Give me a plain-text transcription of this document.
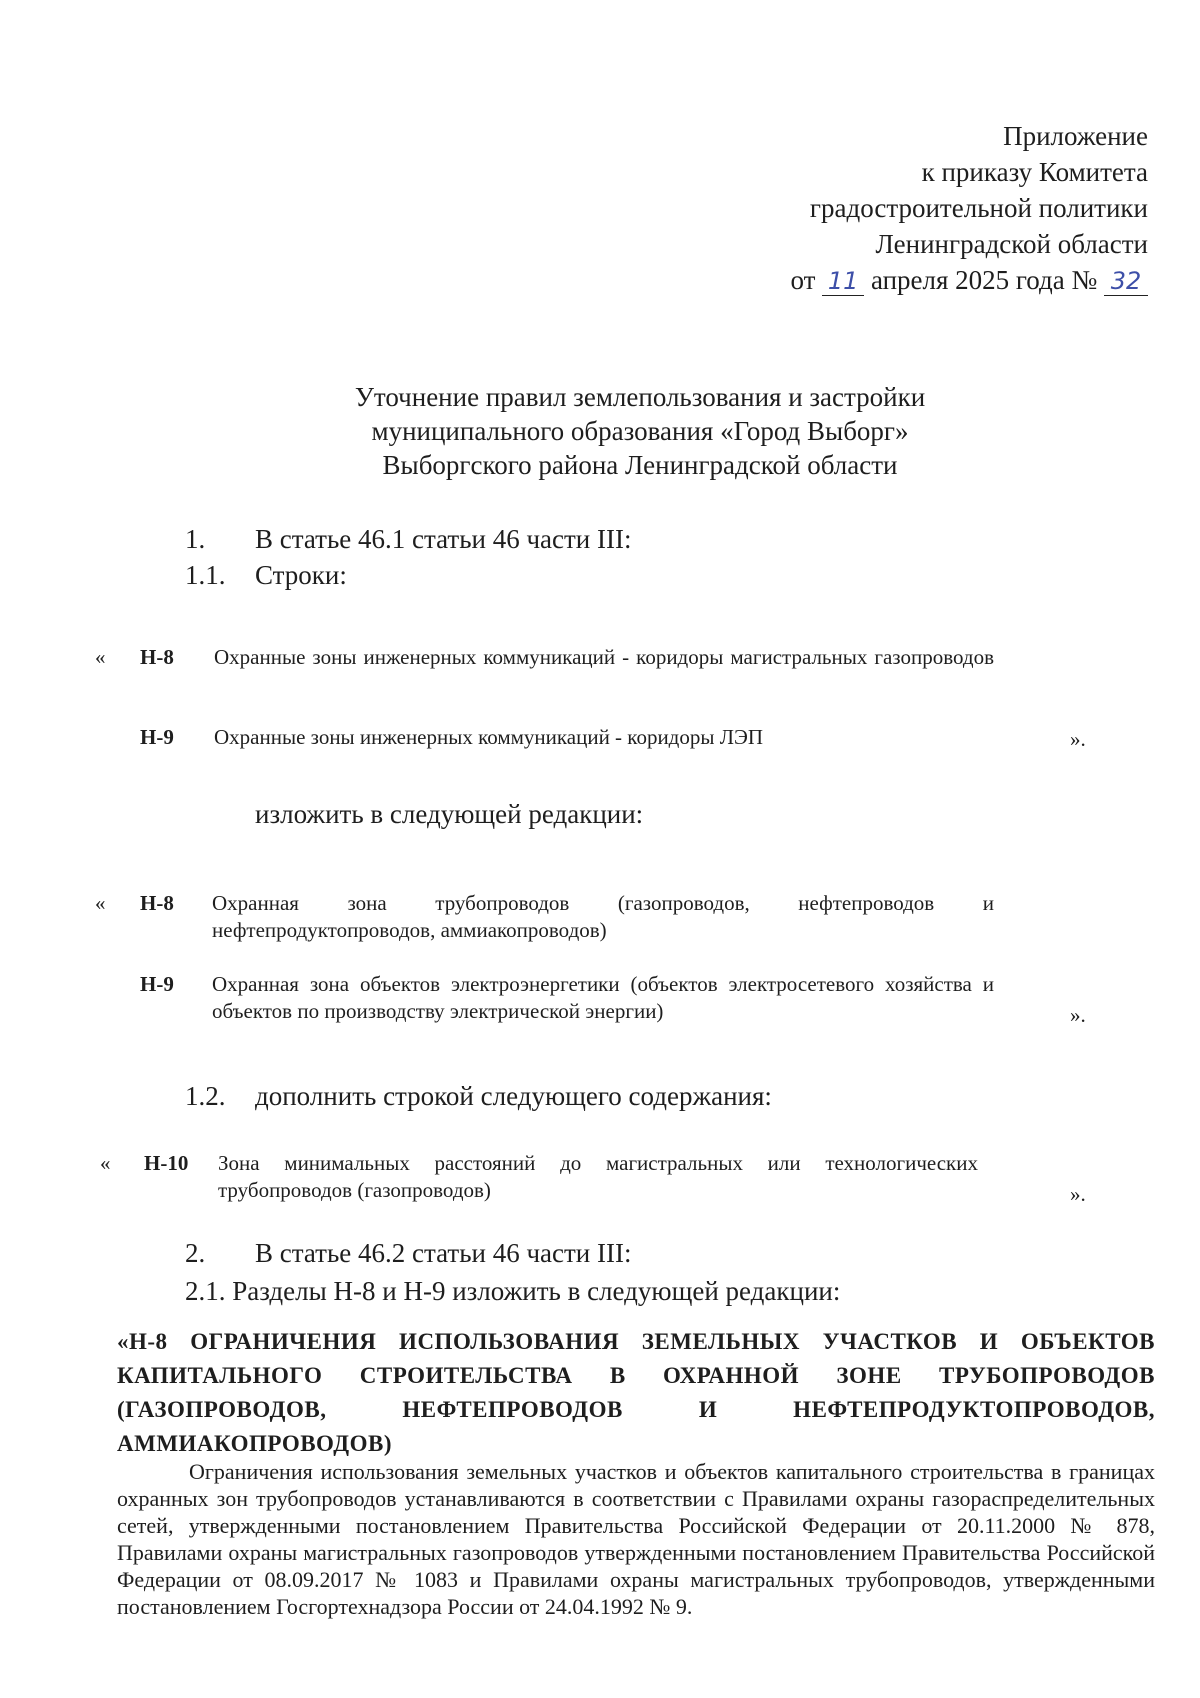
Приложение
к приказу Комитета
градостроительной политики
Ленинградской области
от 11 апреля 2025 года № 32
Уточнение правил землепользования и застройки
муниципального образования «Город Выборг»
Выборгского района Ленинградской области
1. В статье 46.1 статьи 46 части III:
1.1. Строки:
« Н-8 Охранные зоны инженерных коммуникаций - коридоры магистральных газопроводов
Н-9 Охранные зоны инженерных коммуникаций - коридоры ЛЭП	».
изложить в следующей редакции:
« Н-8 Охранная зона трубопроводов (газопроводов, нефтепроводов и нефтепродуктопроводов, аммиакопроводов)
Н-9 Охранная зона объектов электроэнергетики (объектов электросетевого хозяйства и объектов по производству электрической энергии)	».
1.2. дополнить строкой следующего содержания:
« Н-10 Зона минимальных расстояний до магистральных или технологических трубопроводов (газопроводов)	».
2. В статье 46.2 статьи 46 части III:
2.1. Разделы Н-8 и Н-9 изложить в следующей редакции:
«Н-8 ОГРАНИЧЕНИЯ ИСПОЛЬЗОВАНИЯ ЗЕМЕЛЬНЫХ УЧАСТКОВ И ОБЪЕКТОВ КАПИТАЛЬНОГО СТРОИТЕЛЬСТВА В ОХРАННОЙ ЗОНЕ ТРУБОПРОВОДОВ (ГАЗОПРОВОДОВ, НЕФТЕПРОВОДОВ И НЕФТЕПРОДУКТОПРОВОДОВ, АММИАКОПРОВОДОВ)
Ограничения использования земельных участков и объектов капитального строительства в границах охранных зон трубопроводов устанавливаются в соответствии с Правилами охраны газораспределительных сетей, утвержденными постановлением Правительства Российской Федерации от 20.11.2000 № 878, Правилами охраны магистральных газопроводов утвержденными постановлением Правительства Российской Федерации от 08.09.2017 № 1083 и Правилами охраны магистральных трубопроводов, утвержденными постановлением Госгортехнадзора России от 24.04.1992 № 9.
